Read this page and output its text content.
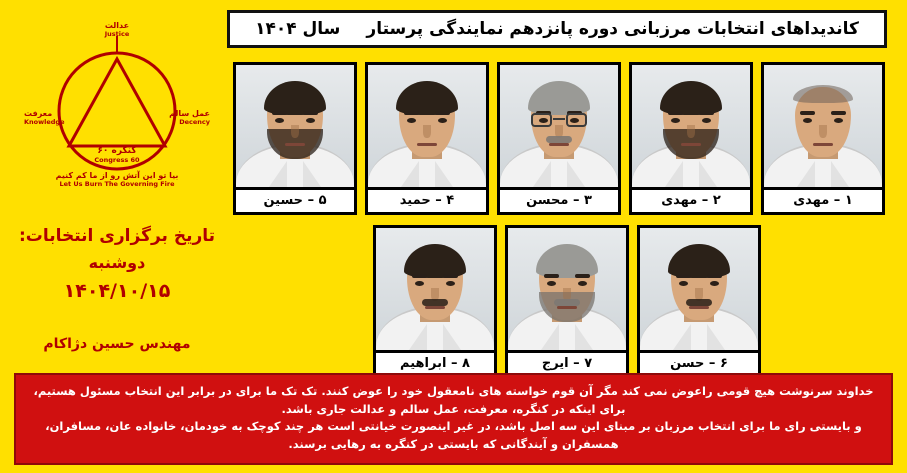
کاندیداهای انتخابات مرزبانی دوره پانزدهم نمایندگی پرستار
سال ۱۴۰۴
۱ – مهدی
۲ – مهدی
۳ – محسن
۴ – حمید
۵ – حسین
۶ – حسن
۷ – ایرج
۸ – ابراهیم
عدالت
Justice
عمل سالم
Decency
معرفت
Knowledge
کنگره ۶۰
Congress 60
بیا تو این آتش رو از ما کم کنیم
Let Us Burn The Governing Fire
تاریخ برگزاری انتخابات:
دوشنبه
۱۴۰۴/۱۰/۱۵
مهندس حسین دژاکام

خداوند سرنوشت هیچ قومی راعوض نمی کند مگر آن قوم خواسته های نامعقول خود را عوض کنند. تک تک ما برای در برابر این انتخاب مسئول هستیم، برای اینکه در کنگره، معرفت، عمل سالم و عدالت جاری باشد.

و بایستی رای ما برای انتخاب مرزبان بر مبنای این سه اصل باشد، در غیر اینصورت خیانتی است هر چند کوچک به خودمان، خانواده عان، مسافران، همسفران و آیندگانی که بایستی در کنگره به رهایی برسند.
